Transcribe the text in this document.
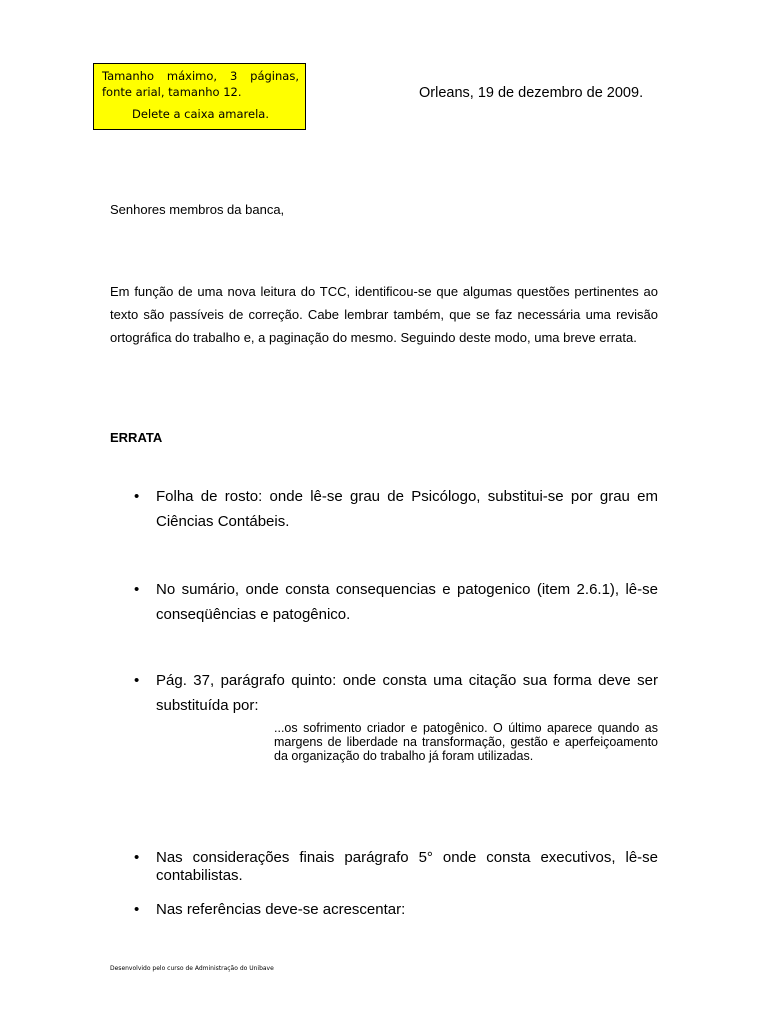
Tamanho máximo, 3 páginas,
fonte arial, tamanho 12.
Delete a caixa amarela.
Orleans, 19 de dezembro de 2009.
Senhores membros da banca,
Em função de uma nova leitura do TCC, identificou-se que algumas questões pertinentes ao texto são passíveis de correção. Cabe lembrar também, que se faz necessária uma revisão ortográfica do trabalho e, a paginação do mesmo. Seguindo deste modo, uma breve errata.
ERRATA
• Folha de rosto: onde lê-se grau de Psicólogo, substitui-se por grau em Ciências Contábeis.
• No sumário, onde consta consequencias e patogenico (item 2.6.1), lê-se conseqüências e patogênico.
• Pág. 37, parágrafo quinto: onde consta uma citação sua forma deve ser substituída por:
...os sofrimento criador e patogênico. O último aparece quando as margens de liberdade na transformação, gestão e aperfeiçoamento da organização do trabalho já foram utilizadas.
• Nas considerações finais parágrafo 5° onde consta executivos, lê-se contabilistas.
• Nas referências deve-se acrescentar:
Desenvolvido pelo curso de Administração do Unibave
